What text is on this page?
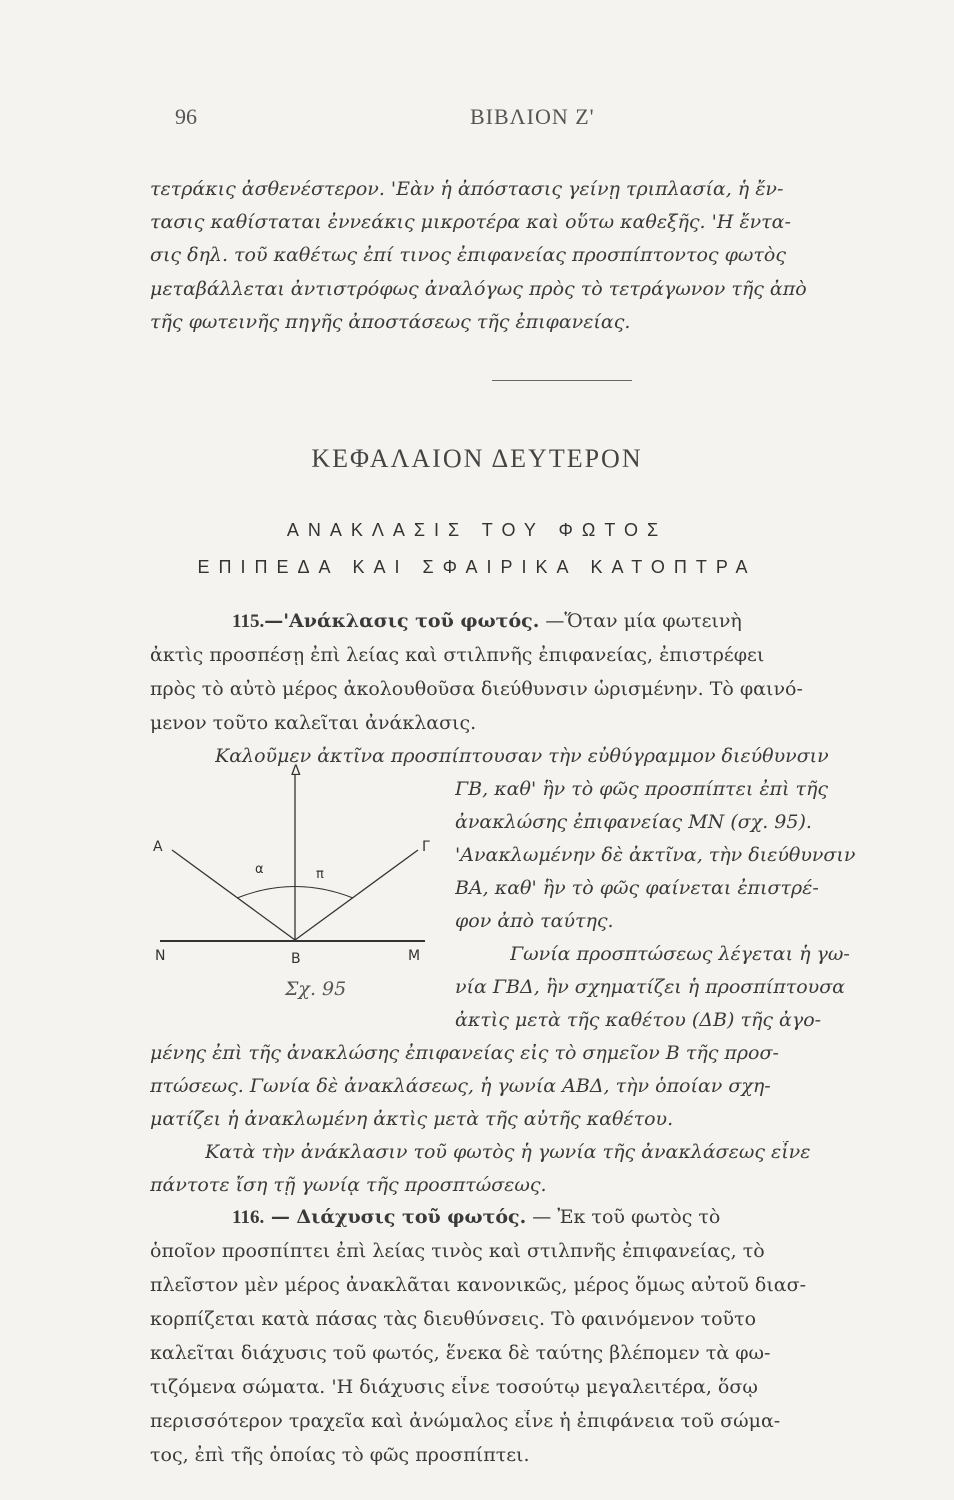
96	ΒΙΒΛΙΟΝ Ζ'
τετράκις ἀσθενέστερον. 'Εὰν ἡ ἀπόστασις γείνῃ τριπλασία, ἡ ἔν-
τασις καθίσταται ἐννεάκις μικροτέρα καὶ οὕτω καθεξῆς. 'Η ἔντα-
σις δηλ. τοῦ καθέτως ἐπί τινος ἐπιφανείας προσπίπτοντος φωτὸς
μεταβάλλεται ἀντιστρόφως ἀναλόγως πρὸς τὸ τετράγωνον τῆς ἀπὸ
τῆς φωτεινῆς πηγῆς ἀποστάσεως τῆς ἐπιφανείας.
ΚΕΦΑΛΑΙΟΝ ΔΕΥΤΕΡΟΝ
ΑΝΑΚΛΑΣΙΣ ΤΟΥ ΦΩΤΟΣ
ΕΠΙΠΕΔΑ ΚΑΙ ΣΦΑΙΡΙΚΑ ΚΑΤΟΠΤΡΑ
115.—'Ανάκλασις τοῦ φωτός. —Ὅταν μία φωτεινὴ
ἀκτὶς προσπέσῃ ἐπὶ λείας καὶ στιλπνῆς ἐπιφανείας, ἐπιστρέφει
πρὸς τὸ αὐτὸ μέρος ἀκολουθοῦσα διεύθυνσιν ὡρισμένην. Τὸ φαινό-
μενον τοῦτο καλεῖται ἀνάκλασις.
Καλοῦμεν ἀκτῖνα προσπίπτουσαν τὴν εὐθύγραμμον διεύθυνσιν
ΓΒ, καθ' ἣν τὸ φῶς προσπίπτει ἐπὶ τῆς
ἀνακλώσης ἐπιφανείας ΜΝ (σχ. 95).
'Ανακλωμένην δὲ ἀκτῖνα, τὴν διεύθυνσιν
ΒΑ, καθ' ἣν τὸ φῶς φαίνεται ἐπιστρέ-
φον ἀπὸ ταύτης.
Γωνία προσπτώσεως λέγεται ἡ γω-
νία ΓΒΔ, ἣν σχηματίζει ἡ προσπίπτουσα
ἀκτὶς μετὰ τῆς καθέτου (ΔΒ) τῆς ἀγο-
μένης ἐπὶ τῆς ἀνακλώσης ἐπιφανείας εἰς τὸ σημεῖον Β τῆς προσ-
πτώσεως. Γωνία δὲ ἀνακλάσεως, ἡ γωνία ΑΒΔ, τὴν ὁποίαν σχη-
ματίζει ἡ ἀνακλωμένη ἀκτὶς μετὰ τῆς αὐτῆς καθέτου.
Κατὰ τὴν ἀνάκλασιν τοῦ φωτὸς ἡ γωνία τῆς ἀνακλάσεως εἶνε
πάντοτε ἴση τῇ γωνίᾳ τῆς προσπτώσεως.
Δ
Α	Γ
α	π
Ν	Β	Μ
Σχ. 95
116. — Διάχυσις τοῦ φωτός. — Ἐκ τοῦ φωτὸς τὸ
ὁποῖον προσπίπτει ἐπὶ λείας τινὸς καὶ στιλπνῆς ἐπιφανείας, τὸ
πλεῖστον μὲν μέρος ἀνακλᾶται κανονικῶς, μέρος ὅμως αὐτοῦ διασ-
κορπίζεται κατὰ πάσας τὰς διευθύνσεις. Τὸ φαινόμενον τοῦτο
καλεῖται διάχυσις τοῦ φωτός, ἕνεκα δὲ ταύτης βλέπομεν τὰ φω-
τιζόμενα σώματα. 'Η διάχυσις εἶνε τοσούτῳ μεγαλειτέρα, ὅσῳ
περισσότερον τραχεῖα καὶ ἀνώμαλος εἶνε ἡ ἐπιφάνεια τοῦ σώμα-
τος, ἐπὶ τῆς ὁποίας τὸ φῶς προσπίπτει.
